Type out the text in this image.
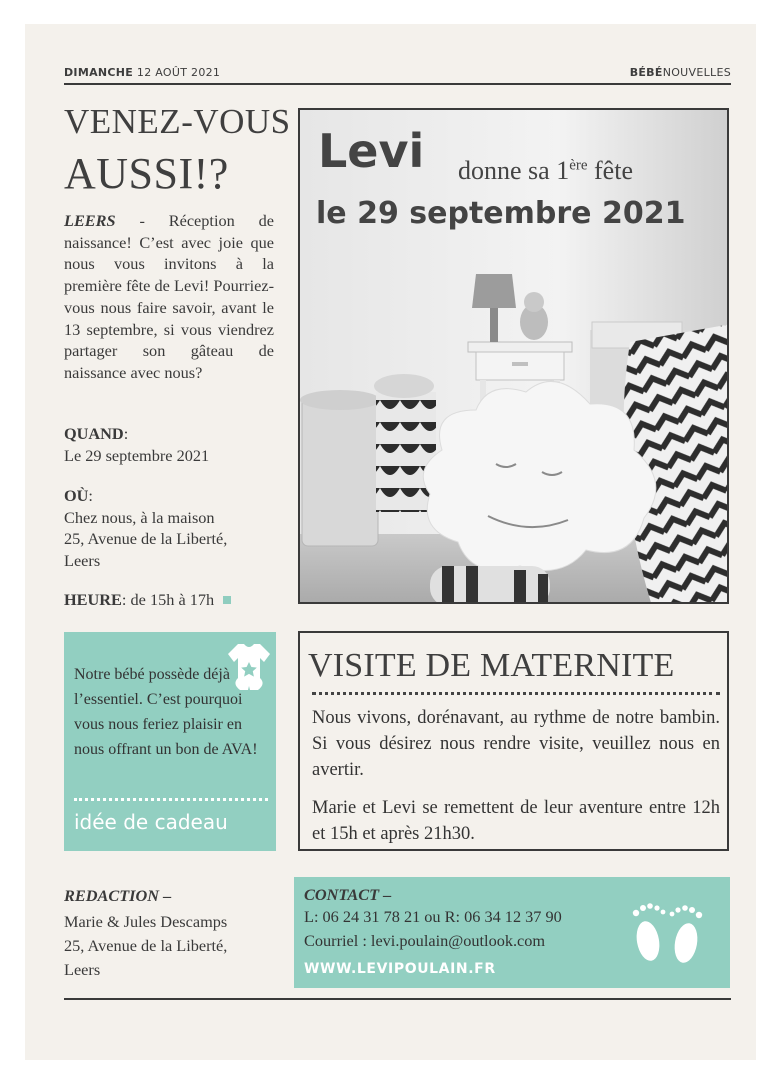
DIMANCHE 12 AOÛT 2021	BÉBÉNOUVELLES
VENEZ-VOUS
AUSSI!?
LEERS - Réception de naissance! C’est avec joie que nous vous invitons à la première fête de Levi! Pourriez-vous nous faire savoir, avant le 13 septembre, si vous viendrez partager son gâteau de naissance avec nous?
QUAND:
Le 29 septembre 2021
OÙ:
Chez nous, à la maison
25, Avenue de la Liberté,
Leers
HEURE: de 15h à 17h
Levi donne sa 1ère fête
le 29 septembre 2021
Notre bébé possède déjà l’essentiel. C’est pourquoi vous nous feriez plaisir en nous offrant un bon de AVA!
idée de cadeau
VISITE DE MATERNITE
Nous vivons, dorénavant, au rythme de notre bambin. Si vous désirez nous rendre visite, veuillez nous en avertir.
Marie et Levi se remettent de leur aventure entre 12h et 15h et après 21h30.
REDACTION –
Marie & Jules Descamps
25, Avenue de la Liberté,
Leers
CONTACT –
L: 06 24 31 78 21 ou R: 06 34 12 37 90
Courriel : levi.poulain@outlook.com
WWW.LEVIPOULAIN.FR
